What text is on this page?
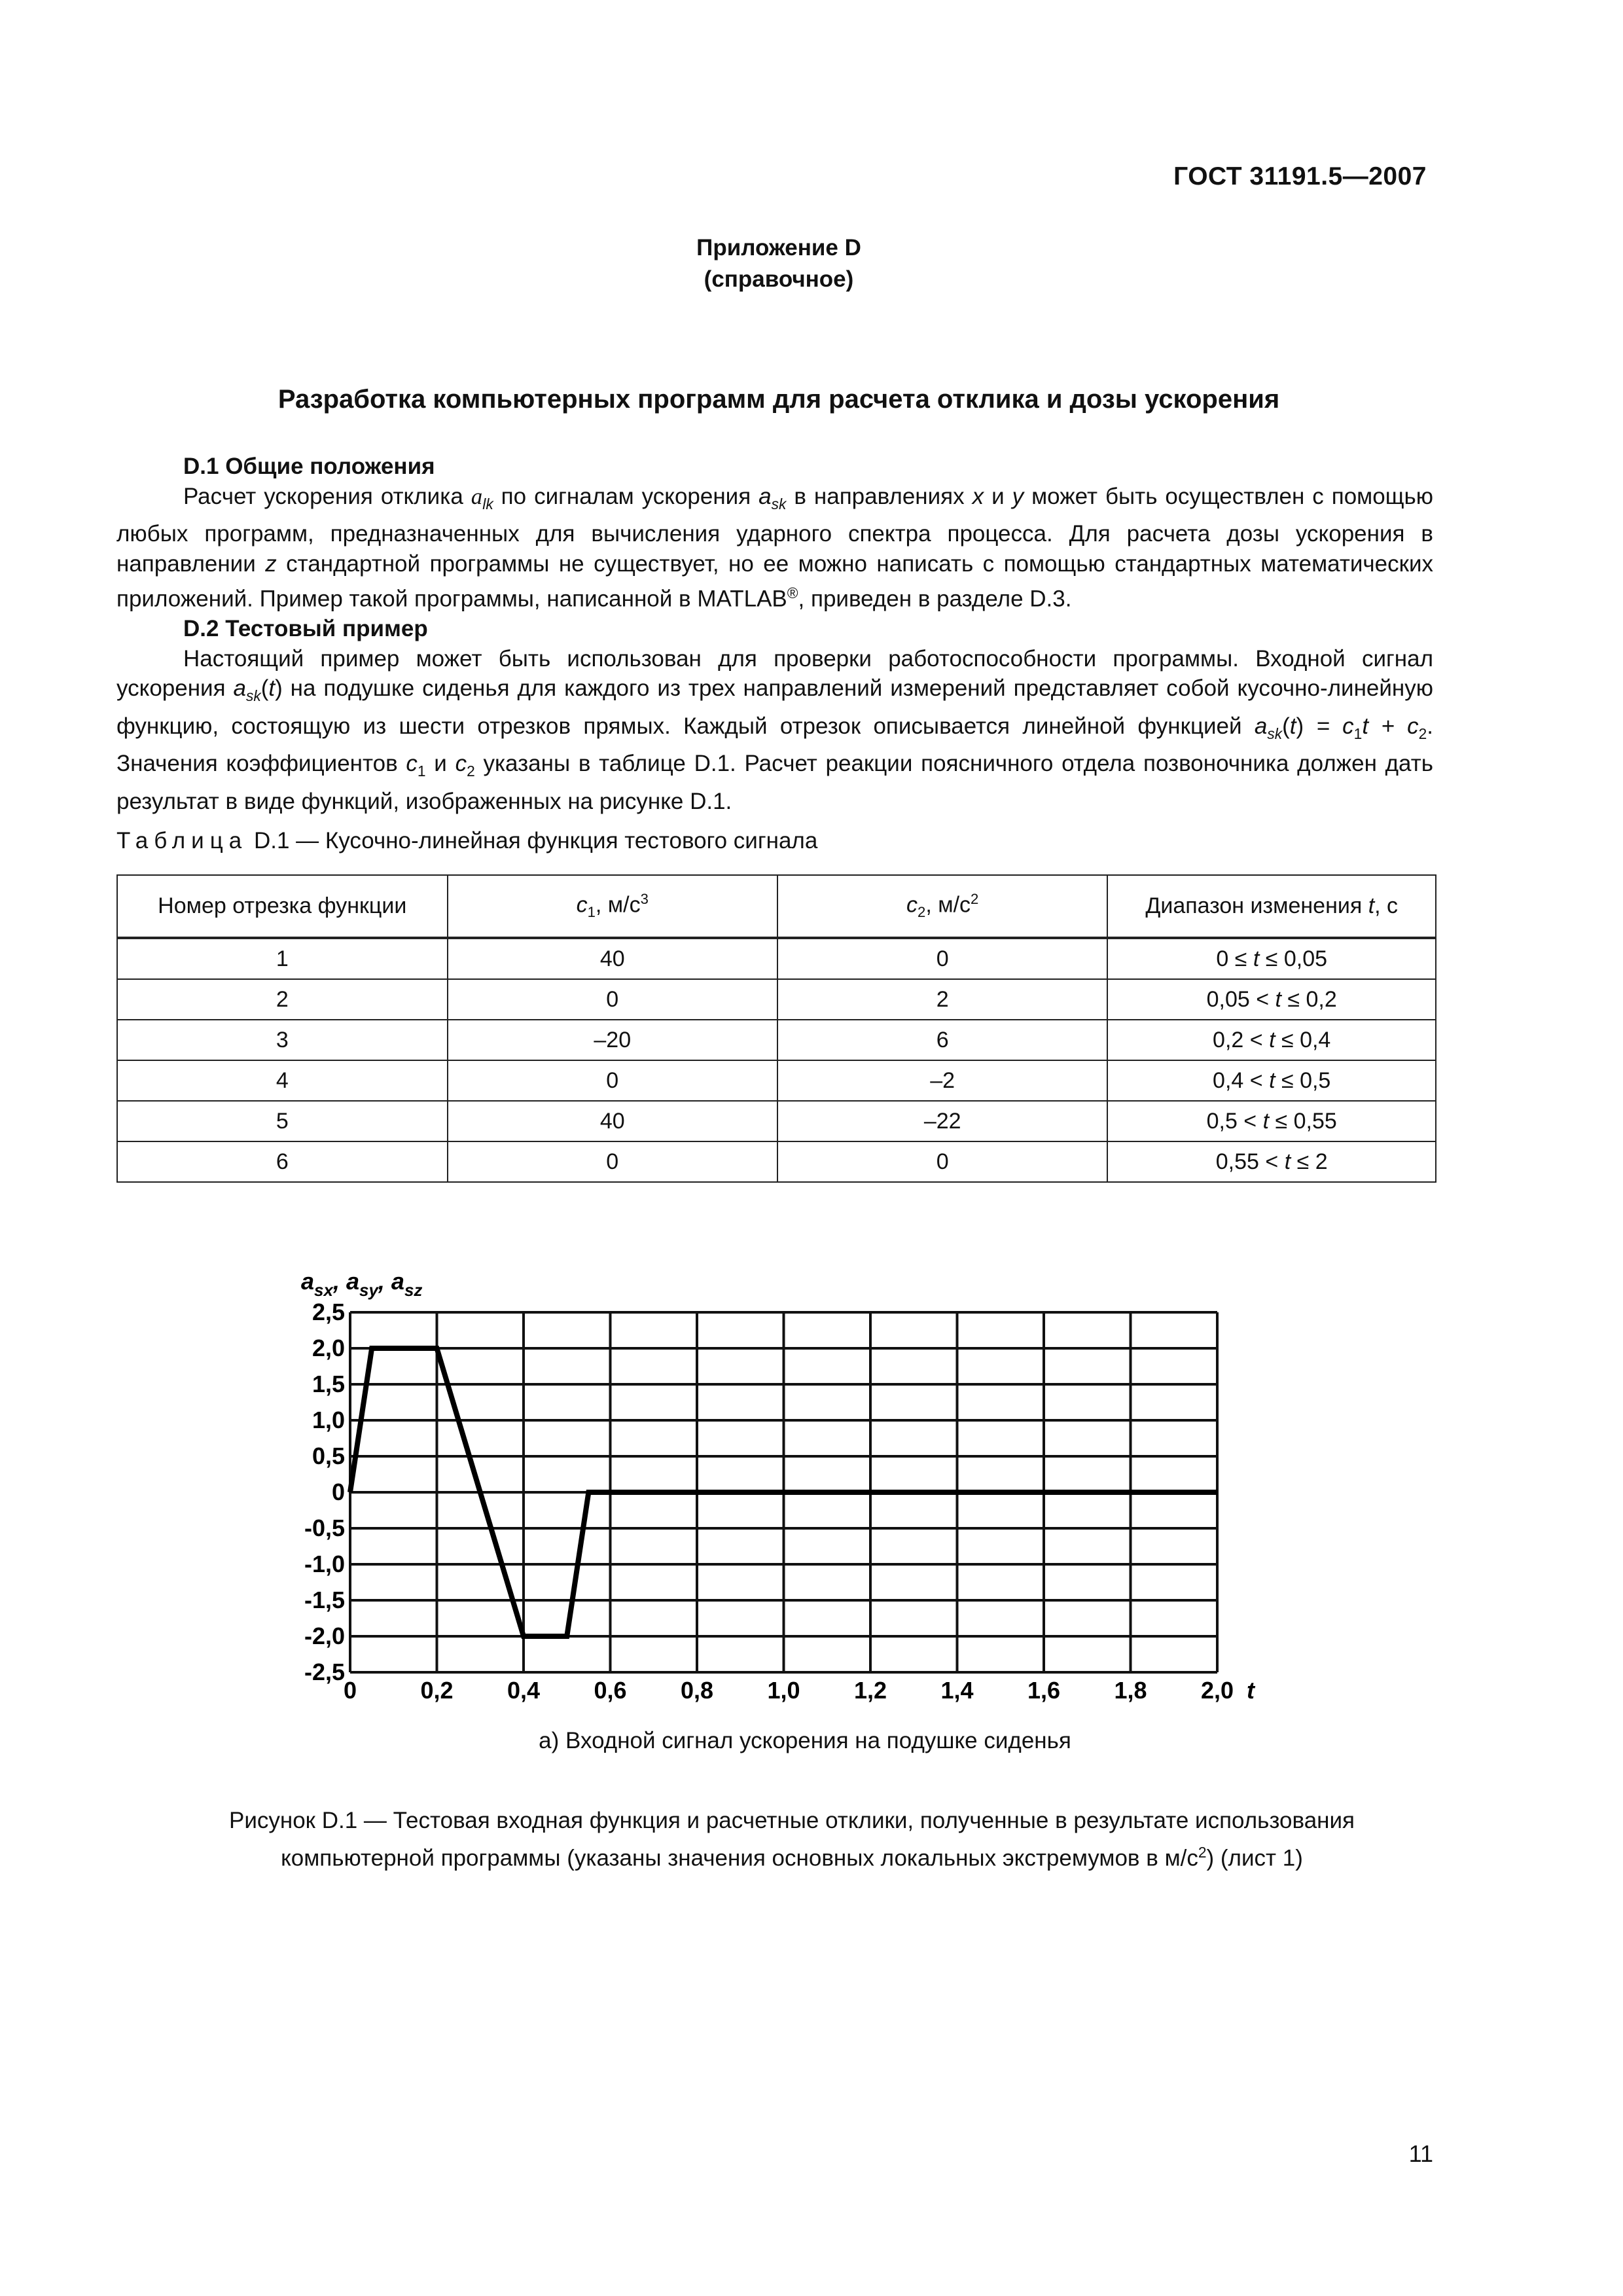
ГОСТ 31191.5—2007
Приложение D
(справочное)
Разработка компьютерных программ для расчета отклика и дозы ускорения

D.1 Общие положения

Расчет ускорения отклика $a_{lk}$ по сигналам ускорения $a_{sk}$ в направлениях x и y может быть осуществлен с помощью любых программ, предназначенных для вычисления ударного спектра процесса. Для расчета дозы ускорения в направлении z стандартной программы не существует, но ее можно написать с помощью стандартных математических приложений. Пример такой программы, написанной в MATLAB®, приведен в разделе D.3.

D.2 Тестовый пример

Настоящий пример может быть использован для проверки работоспособности программы. Входной сигнал ускорения $a_{sk}(t)$ на подушке сиденья для каждого из трех направлений измерений представляет собой кусочно-линейную функцию, состоящую из шести отрезков прямых. Каждый отрезок описывается линейной функцией $a_{sk}(t) = c_1t + c_2$. Значения коэффициентов $c_1$ и $c_2$ указаны в таблице D.1. Расчет реакции поясничного отдела позвоночника должен дать результат в виде функций, изображенных на рисунке D.1.

Таблица D.1 — Кусочно-линейная функция тестового сигнала
Номер отрезка функции	$c_1$, $м/с^3$	$c_2$, $м/с^2$	Диапазон изменения t, с
1	40	0	0 ≤ t ≤ 0,05
2	0	2	0,05 < t ≤ 0,2
3	–20	6	0,2 < t ≤ 0,4
4	0	–2	0,4 < t ≤ 0,5
5	40	–22	0,5 < t ≤ 0,55
6	0	0	0,55 < t ≤ 2
2,5
2,0
1,5
1,0
0,5
0
-0,5
-1,0
-1,5
-2,0
-2,5
0	0,2 0,4 0,6 0,8 1,0 1,2 1,4 1,6 1,8 2,0
$a_{sx}$, $a_{sy}$, $a_{sz}$
t
а) Входной сигнал ускорения на подушке сиденья
Рисунок D.1 — Тестовая входная функция и расчетные отклики, полученные в результате использования
компьютерной программы (указаны значения основных локальных экстремумов в $м/с^2$) (лист 1)
11
